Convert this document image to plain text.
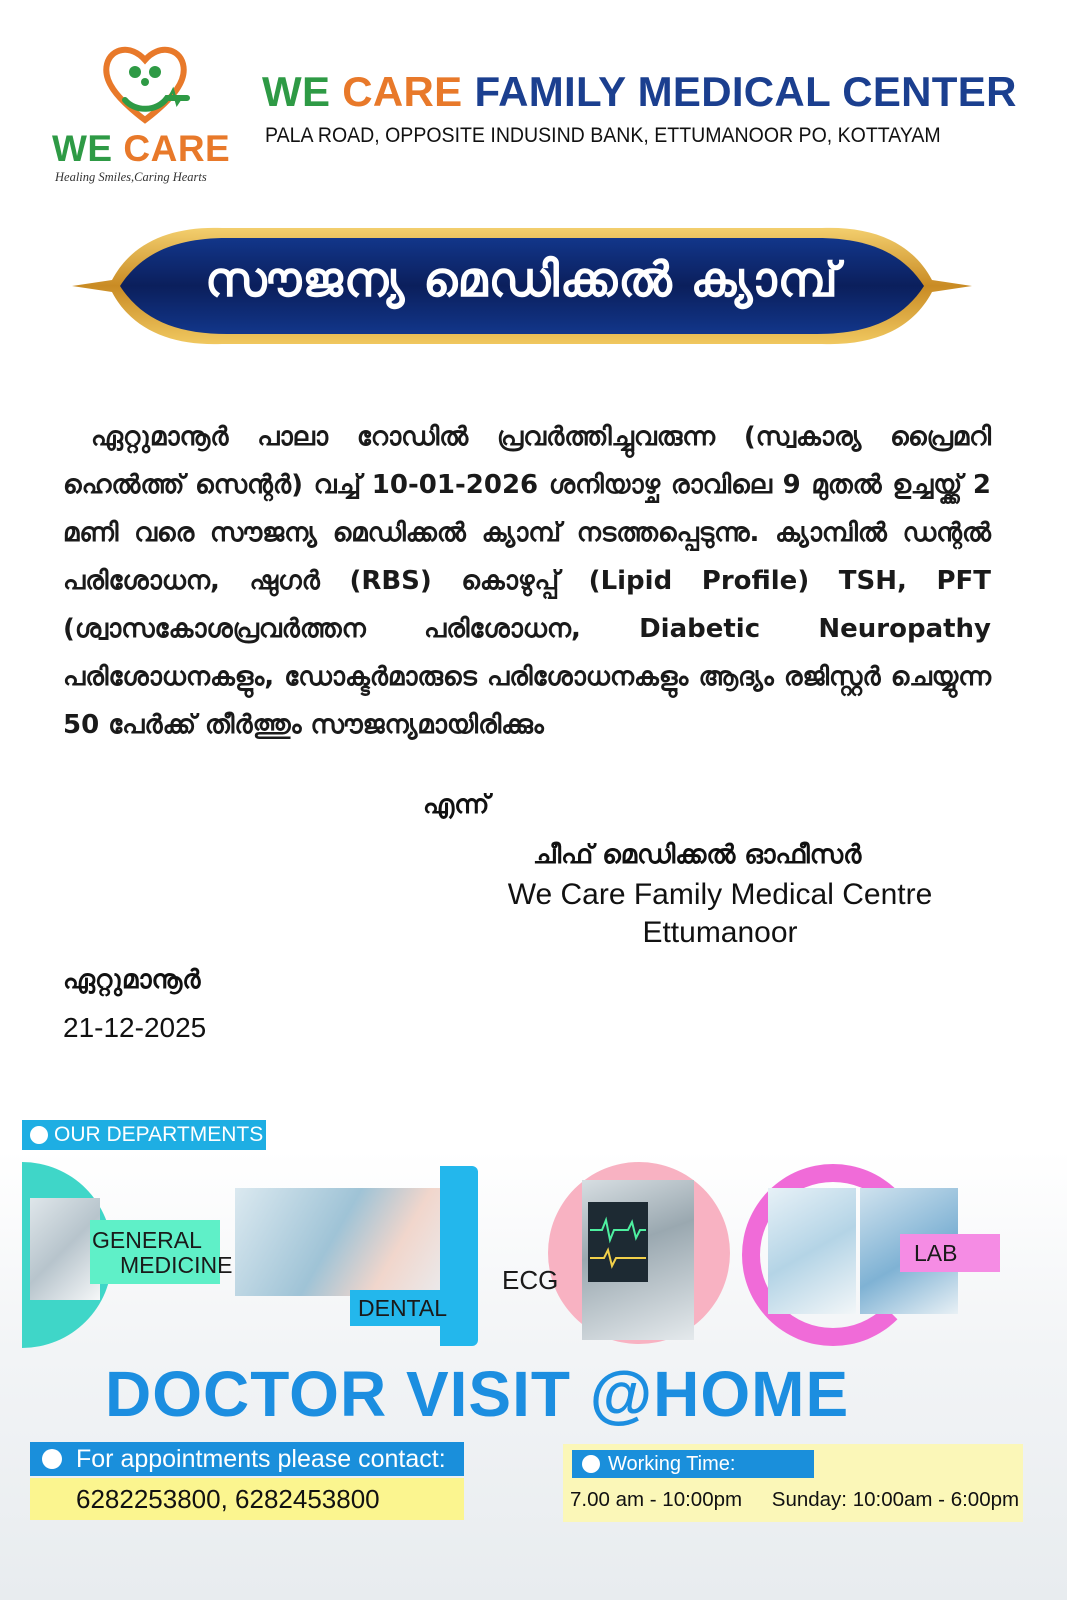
WE CARE
Healing Smiles,Caring Hearts
WE CARE FAMILY MEDICAL CENTER
PALA ROAD, OPPOSITE INDUSIND BANK, ETTUMANOOR PO, KOTTAYAM
സൗജന്യ മെഡിക്കൽ ക്യാമ്പ്
ഏറ്റുമാനൂർ പാലാ റോഡിൽ പ്രവർത്തിച്ചുവരുന്ന (സ്വകാര്യ പ്രൈമറി ഹെൽത്ത് സെന്റർ) വച്ച് 10-01-2026 ശനിയാഴ്ച രാവിലെ 9 മുതൽ ഉച്ചയ്ക്ക് 2 മണി വരെ സൗജന്യ മെഡിക്കൽ ക്യാമ്പ് നടത്തപ്പെടുന്നു. ക്യാമ്പിൽ ഡന്റൽ പരിശോധന, ഷുഗർ (RBS) കൊഴുപ്പ് (Lipid Profile) TSH, PFT (ശ്വാസകോശപ്രവർത്തന പരിശോധന, Diabetic Neuropathy പരിശോധനകളും, ഡോക്ടർമാരുടെ പരിശോധനകളും ആദ്യം രജിസ്റ്റർ ചെയ്യുന്ന 50 പേർക്ക് തീർത്തും സൗജന്യമായിരിക്കും
എന്ന്
ചീഫ് മെഡിക്കൽ ഓഫീസർ
We Care Family Medical Centre
Ettumanoor
ഏറ്റുമാനൂർ
21-12-2025
OUR DEPARTMENTS
GENERAL
MEDICINE
DENTAL
ECG
LAB
DOCTOR VISIT @HOME
For appointments please contact:
6282253800, 6282453800
Working Time:
7.00 am - 10:00pm Sunday: 10:00am - 6:00pm
